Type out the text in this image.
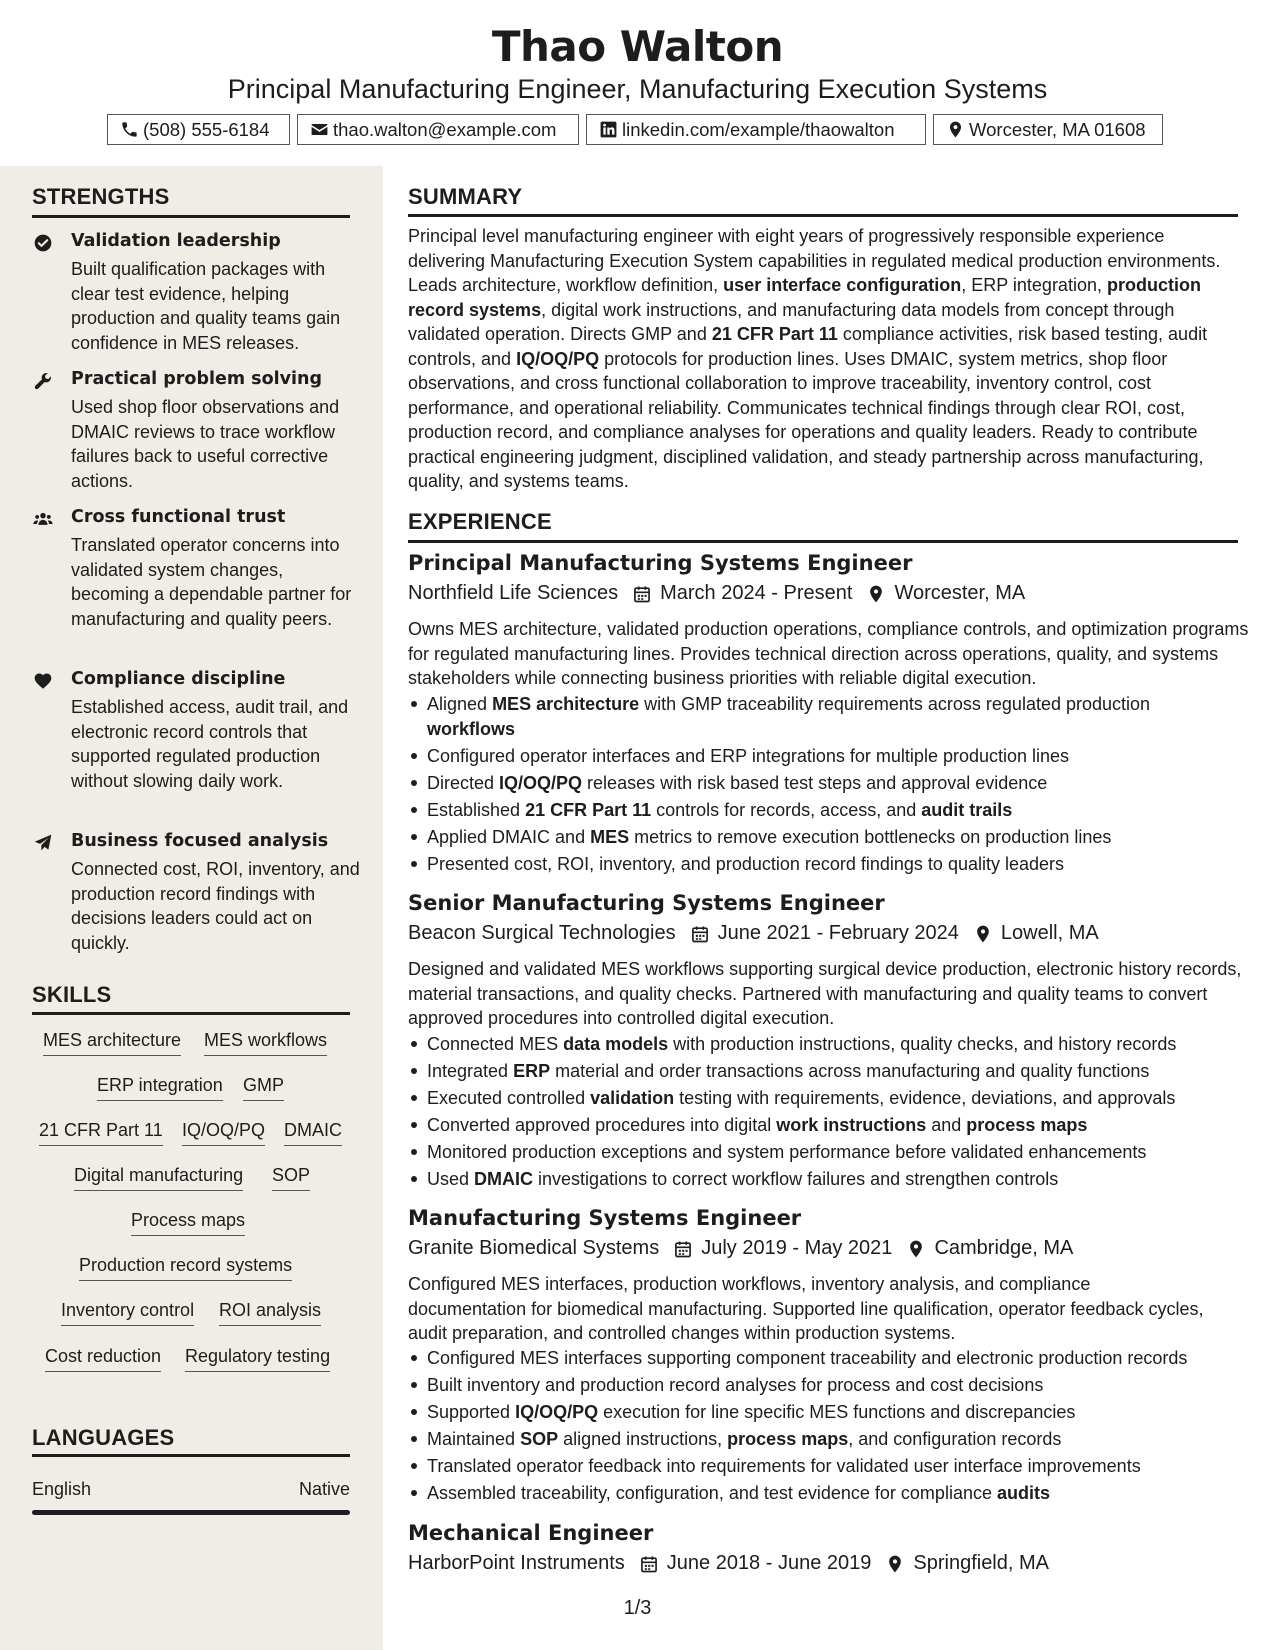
Thao Walton
Principal Manufacturing Engineer, Manufacturing Execution Systems
(508) 555-6184	thao.walton@example.com	linkedin.com/example/thaowalton	Worcester, MA 01608
STRENGTHS
Validation leadership
Built qualification packages with clear test evidence, helping production and quality teams gain confidence in MES releases.
Practical problem solving
Used shop floor observations and DMAIC reviews to trace workflow failures back to useful corrective actions.
Cross functional trust
Translated operator concerns into validated system changes, becoming a dependable partner for manufacturing and quality peers.
Compliance discipline
Established access, audit trail, and electronic record controls that supported regulated production without slowing daily work.
Business focused analysis
Connected cost, ROI, inventory, and production record findings with decisions leaders could act on quickly.
SKILLS
MES architecture MES workflows
ERP integration GMP
21 CFR Part 11 IQ/OQ/PQ DMAIC
Digital manufacturing SOP
Process maps
Production record systems
Inventory control ROI analysis
Cost reduction Regulatory testing
LANGUAGES
English	Native
SUMMARY
Principal level manufacturing engineer with eight years of progressively responsible experience delivering Manufacturing Execution System capabilities in regulated medical production environments. Leads architecture, workflow definition, user interface configuration, ERP integration, production record systems, digital work instructions, and manufacturing data models from concept through validated operation. Directs GMP and 21 CFR Part 11 compliance activities, risk based testing, audit controls, and IQ/OQ/PQ protocols for production lines. Uses DMAIC, system metrics, shop floor observations, and cross functional collaboration to improve traceability, inventory control, cost performance, and operational reliability. Communicates technical findings through clear ROI, cost, production record, and compliance analyses for operations and quality leaders. Ready to contribute practical engineering judgment, disciplined validation, and steady partnership across manufacturing, quality, and systems teams.
EXPERIENCE
Principal Manufacturing Systems Engineer
Northfield Life Sciences March 2024 - Present Worcester, MA
Owns MES architecture, validated production operations, compliance controls, and optimization programs for regulated manufacturing lines. Provides technical direction across operations, quality, and systems stakeholders while connecting business priorities with reliable digital execution.
Aligned MES architecture with GMP traceability requirements across regulated production workflows
Configured operator interfaces and ERP integrations for multiple production lines
Directed IQ/OQ/PQ releases with risk based test steps and approval evidence
Established 21 CFR Part 11 controls for records, access, and audit trails
Applied DMAIC and MES metrics to remove execution bottlenecks on production lines
Presented cost, ROI, inventory, and production record findings to quality leaders
Senior Manufacturing Systems Engineer
Beacon Surgical Technologies June 2021 - February 2024 Lowell, MA
Designed and validated MES workflows supporting surgical device production, electronic history records, material transactions, and quality checks. Partnered with manufacturing and quality teams to convert approved procedures into controlled digital execution.
Connected MES data models with production instructions, quality checks, and history records
Integrated ERP material and order transactions across manufacturing and quality functions
Executed controlled validation testing with requirements, evidence, deviations, and approvals
Converted approved procedures into digital work instructions and process maps
Monitored production exceptions and system performance before validated enhancements
Used DMAIC investigations to correct workflow failures and strengthen controls
Manufacturing Systems Engineer
Granite Biomedical Systems July 2019 - May 2021 Cambridge, MA
Configured MES interfaces, production workflows, inventory analysis, and compliance documentation for biomedical manufacturing. Supported line qualification, operator feedback cycles, audit preparation, and controlled changes within production systems.
Configured MES interfaces supporting component traceability and electronic production records
Built inventory and production record analyses for process and cost decisions
Supported IQ/OQ/PQ execution for line specific MES functions and discrepancies
Maintained SOP aligned instructions, process maps, and configuration records
Translated operator feedback into requirements for validated user interface improvements
Assembled traceability, configuration, and test evidence for compliance audits
Mechanical Engineer
HarborPoint Instruments June 2018 - June 2019 Springfield, MA
1/3
